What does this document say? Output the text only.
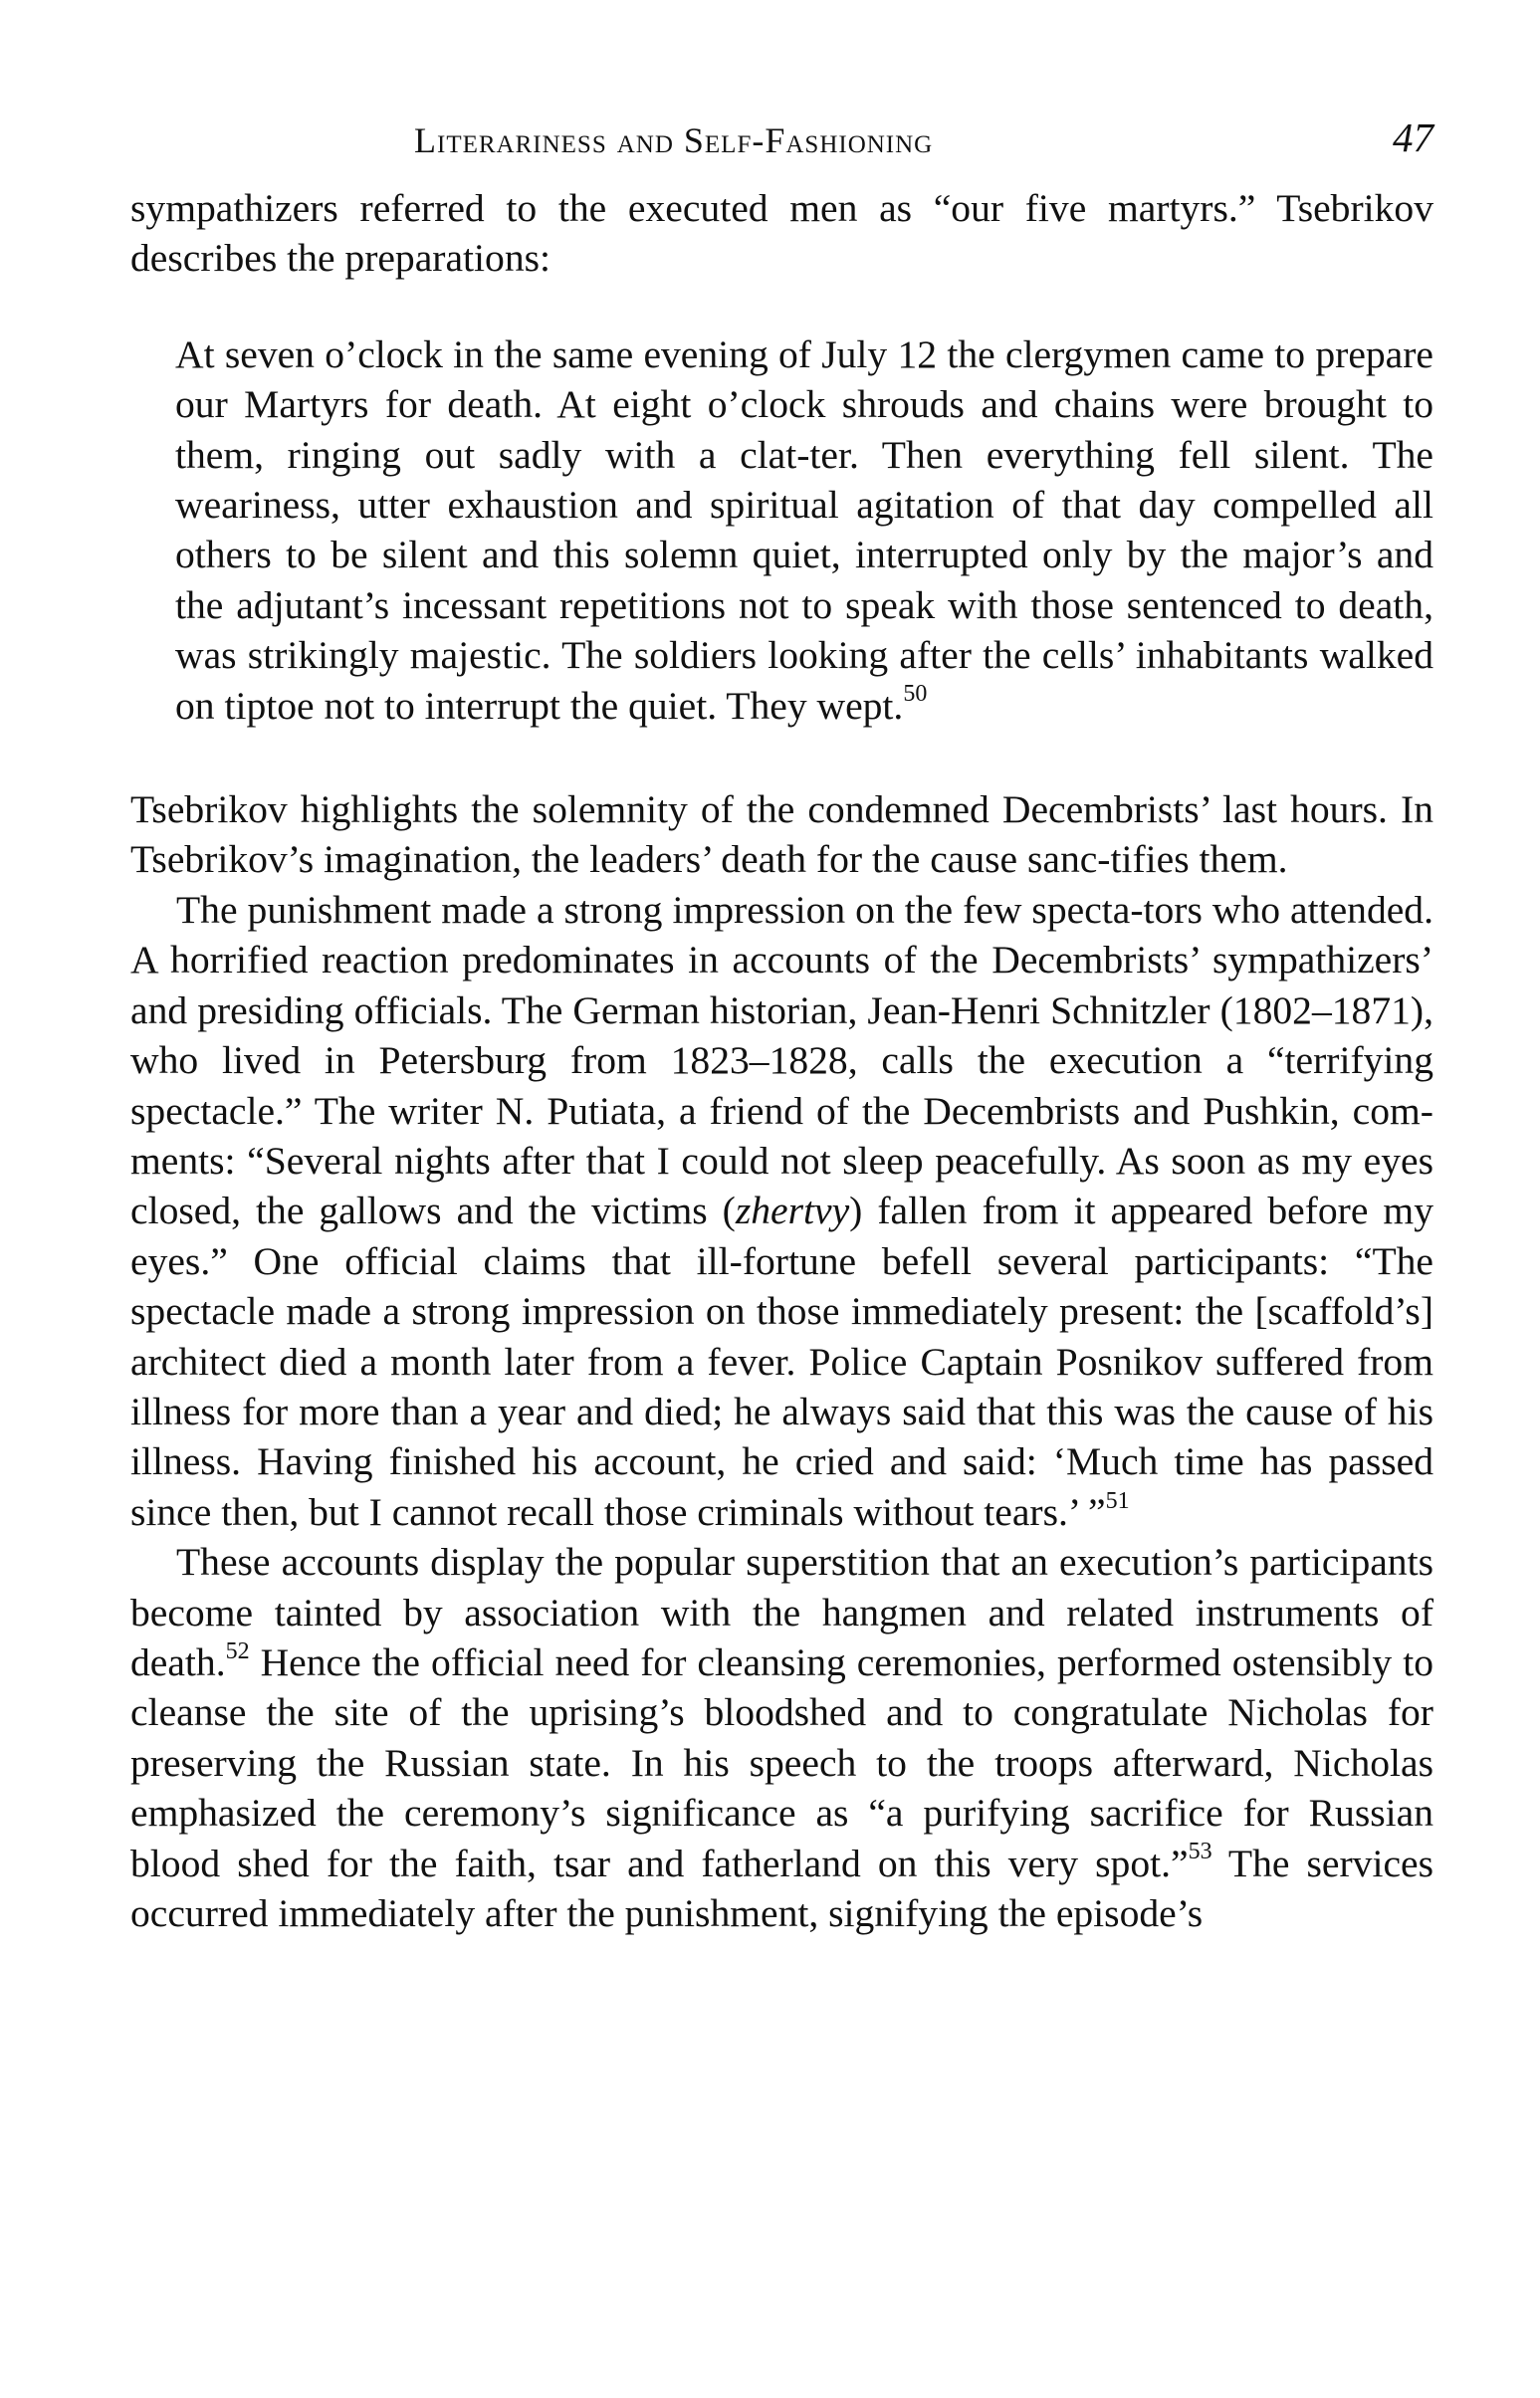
Literariness and Self-Fashioning	47

sympathizers referred to the executed men as “our five martyrs.” Tsebrikov describes the preparations:

At seven o’clock in the same evening of July 12 the clergymen came to prepare our Martyrs for death. At eight o’clock shrouds and chains were brought to them, ringing out sadly with a clat-ter. Then everything fell silent. The weariness, utter exhaustion and spiritual agitation of that day compelled all others to be silent and this solemn quiet, interrupted only by the major’s and the adjutant’s incessant repetitions not to speak with those sentenced to death, was strikingly majestic. The soldiers looking after the cells’ inhabitants walked on tiptoe not to interrupt the quiet. They wept.$^{50}$

Tsebrikov highlights the solemnity of the condemned Decembrists’ last hours. In Tsebrikov’s imagination, the leaders’ death for the cause sanc-tifies them.

The punishment made a strong impression on the few specta-tors who attended. A horrified reaction predominates in accounts of the Decembrists’ sympathizers’ and presiding officials. The German historian, Jean-Henri Schnitzler (1802–1871), who lived in Petersburg from 1823–1828, calls the execution a “terrifying spectacle.” The writer N. Putiata, a friend of the Decembrists and Pushkin, com-ments: “Several nights after that I could not sleep peacefully. As soon as my eyes closed, the gallows and the victims (zhertvy) fallen from it appeared before my eyes.” One official claims that ill-fortune befell several participants: “The spectacle made a strong impression on those immediately present: the [scaffold’s] architect died a month later from a fever. Police Captain Posnikov suffered from illness for more than a year and died; he always said that this was the cause of his illness. Having finished his account, he cried and said: ‘Much time has passed since then, but I cannot recall those criminals without tears.’ ”$^{51}$

These accounts display the popular superstition that an execution’s participants become tainted by association with the hangmen and related instruments of death.$^{52}$ Hence the official need for cleansing ceremonies, performed ostensibly to cleanse the site of the uprising’s bloodshed and to congratulate Nicholas for preserving the Russian state. In his speech to the troops afterward, Nicholas emphasized the ceremony’s significance as “a purifying sacrifice for Russian blood shed for the faith, tsar and fatherland on this very spot.”$^{53}$ The services occurred immediately after the punishment, signifying the episode’s
